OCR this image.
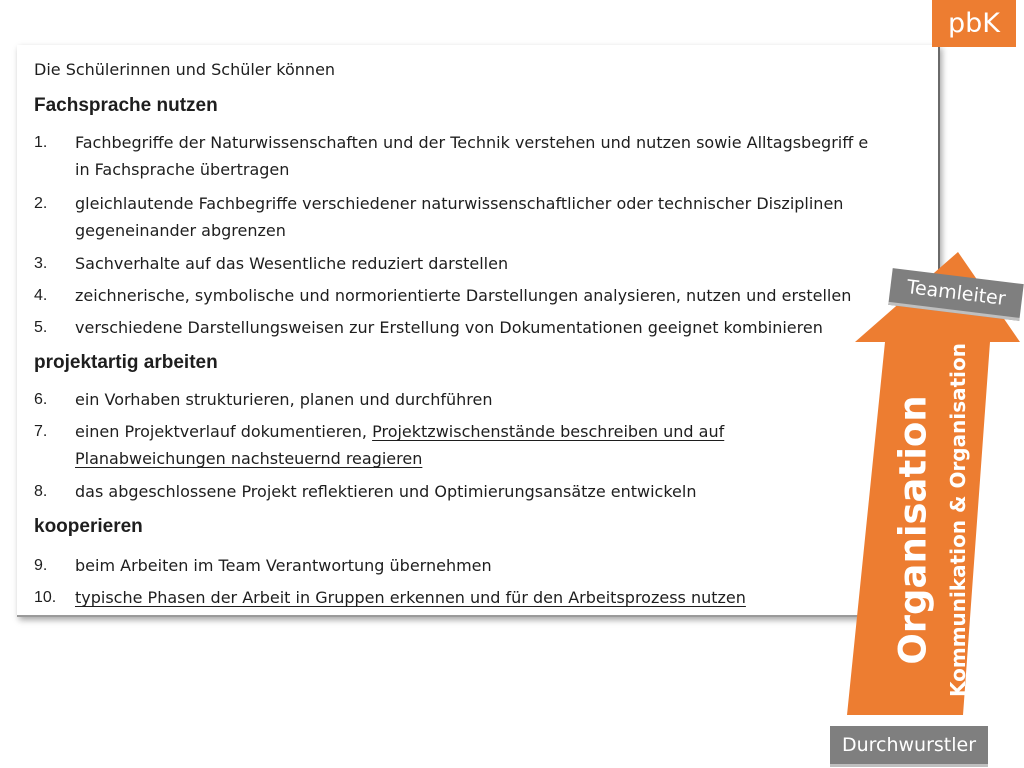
Die Schülerinnen und Schüler können
Fachsprache nutzen
1. Fachbegriffe der Naturwissenschaften und der Technik verstehen und nutzen sowie Alltagsbegriff e
in Fachsprache übertragen
2. gleichlautende Fachbegriffe verschiedener naturwissenschaftlicher oder technischer Disziplinen
gegeneinander abgrenzen
3. Sachverhalte auf das Wesentliche reduziert darstellen
4. zeichnerische, symbolische und normorientierte Darstellungen analysieren, nutzen und erstellen
5. verschiedene Darstellungsweisen zur Erstellung von Dokumentationen geeignet kombinieren
projektartig arbeiten
6. ein Vorhaben strukturieren, planen und durchführen
7. einen Projektverlauf dokumentieren, Projektzwischenstände beschreiben und auf
Planabweichungen nachsteuernd reagieren
8. das abgeschlossene Projekt reflektieren und Optimierungsansätze entwickeln
kooperieren
9. beim Arbeiten im Team Verantwortung übernehmen
10. typische Phasen der Arbeit in Gruppen erkennen und für den Arbeitsprozess nutzen
pbK
Organisation Kommunikation & Organisation
Teamleiter
Durchwurstler
